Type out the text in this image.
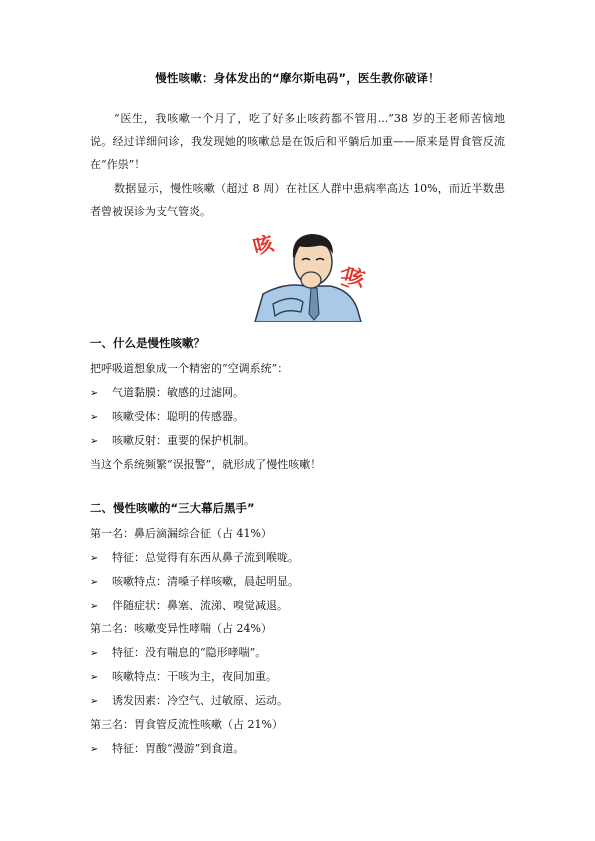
慢性咳嗽：身体发出的“摩尔斯电码”，医生教你破译！
“医生，我咳嗽一个月了，吃了好多止咳药都不管用...”38 岁的王老师苦恼地说。经过详细问诊，我发现她的咳嗽总是在饭后和平躺后加重——原来是胃食管反流在“作祟”！
数据显示，慢性咳嗽（超过 8 周）在社区人群中患病率高达 10%，而近半数患者曾被误诊为支气管炎。
咳
咳
一、什么是慢性咳嗽？
把呼吸道想象成一个精密的“空调系统”：
➢ 气道黏膜：敏感的过滤网。
➢ 咳嗽受体：聪明的传感器。
➢ 咳嗽反射：重要的保护机制。
当这个系统频繁“误报警”，就形成了慢性咳嗽！
二、慢性咳嗽的“三大幕后黑手”
第一名：鼻后滴漏综合征（占 41%）
➢ 特征：总觉得有东西从鼻子流到喉咙。
➢ 咳嗽特点：清嗓子样咳嗽，晨起明显。
➢ 伴随症状：鼻塞、流涕、嗅觉减退。
第二名：咳嗽变异性哮喘（占 24%）
➢ 特征：没有喘息的“隐形哮喘”。
➢ 咳嗽特点：干咳为主，夜间加重。
➢ 诱发因素：冷空气、过敏原、运动。
第三名：胃食管反流性咳嗽（占 21%）
➢ 特征：胃酸“漫游”到食道。
